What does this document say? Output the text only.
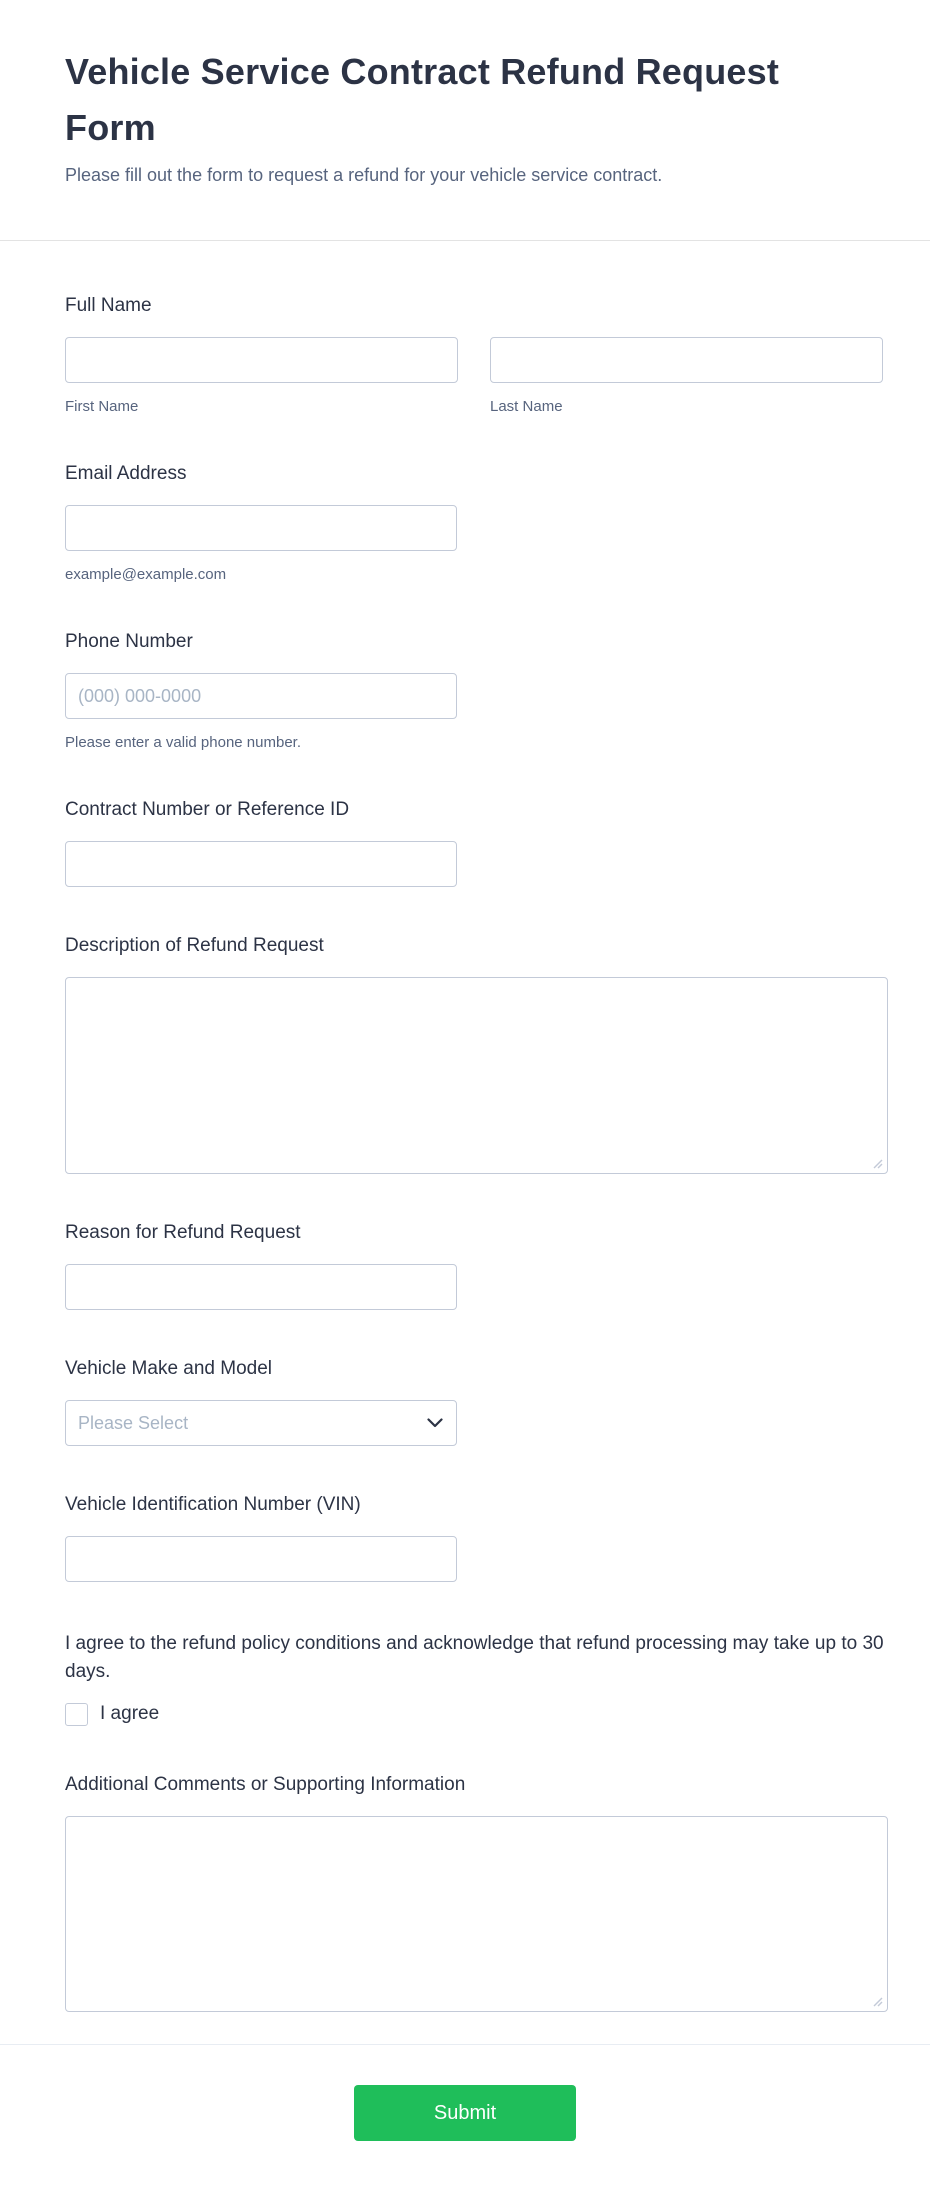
Vehicle Service Contract Refund Request Form

Please fill out the form to request a refund for your vehicle service contract.

Full Name
First Name	Last Name
Email Address
example@example.com
Phone Number
(000) 000-0000
Please enter a valid phone number.
Contract Number or Reference ID
Description of Refund Request
Reason for Refund Request
Vehicle Make and Model
Please Select
Vehicle Identification Number (VIN)
I agree to the refund policy conditions and acknowledge that refund processing may take up to 30 days.
I agree
Additional Comments or Supporting Information
Submit
